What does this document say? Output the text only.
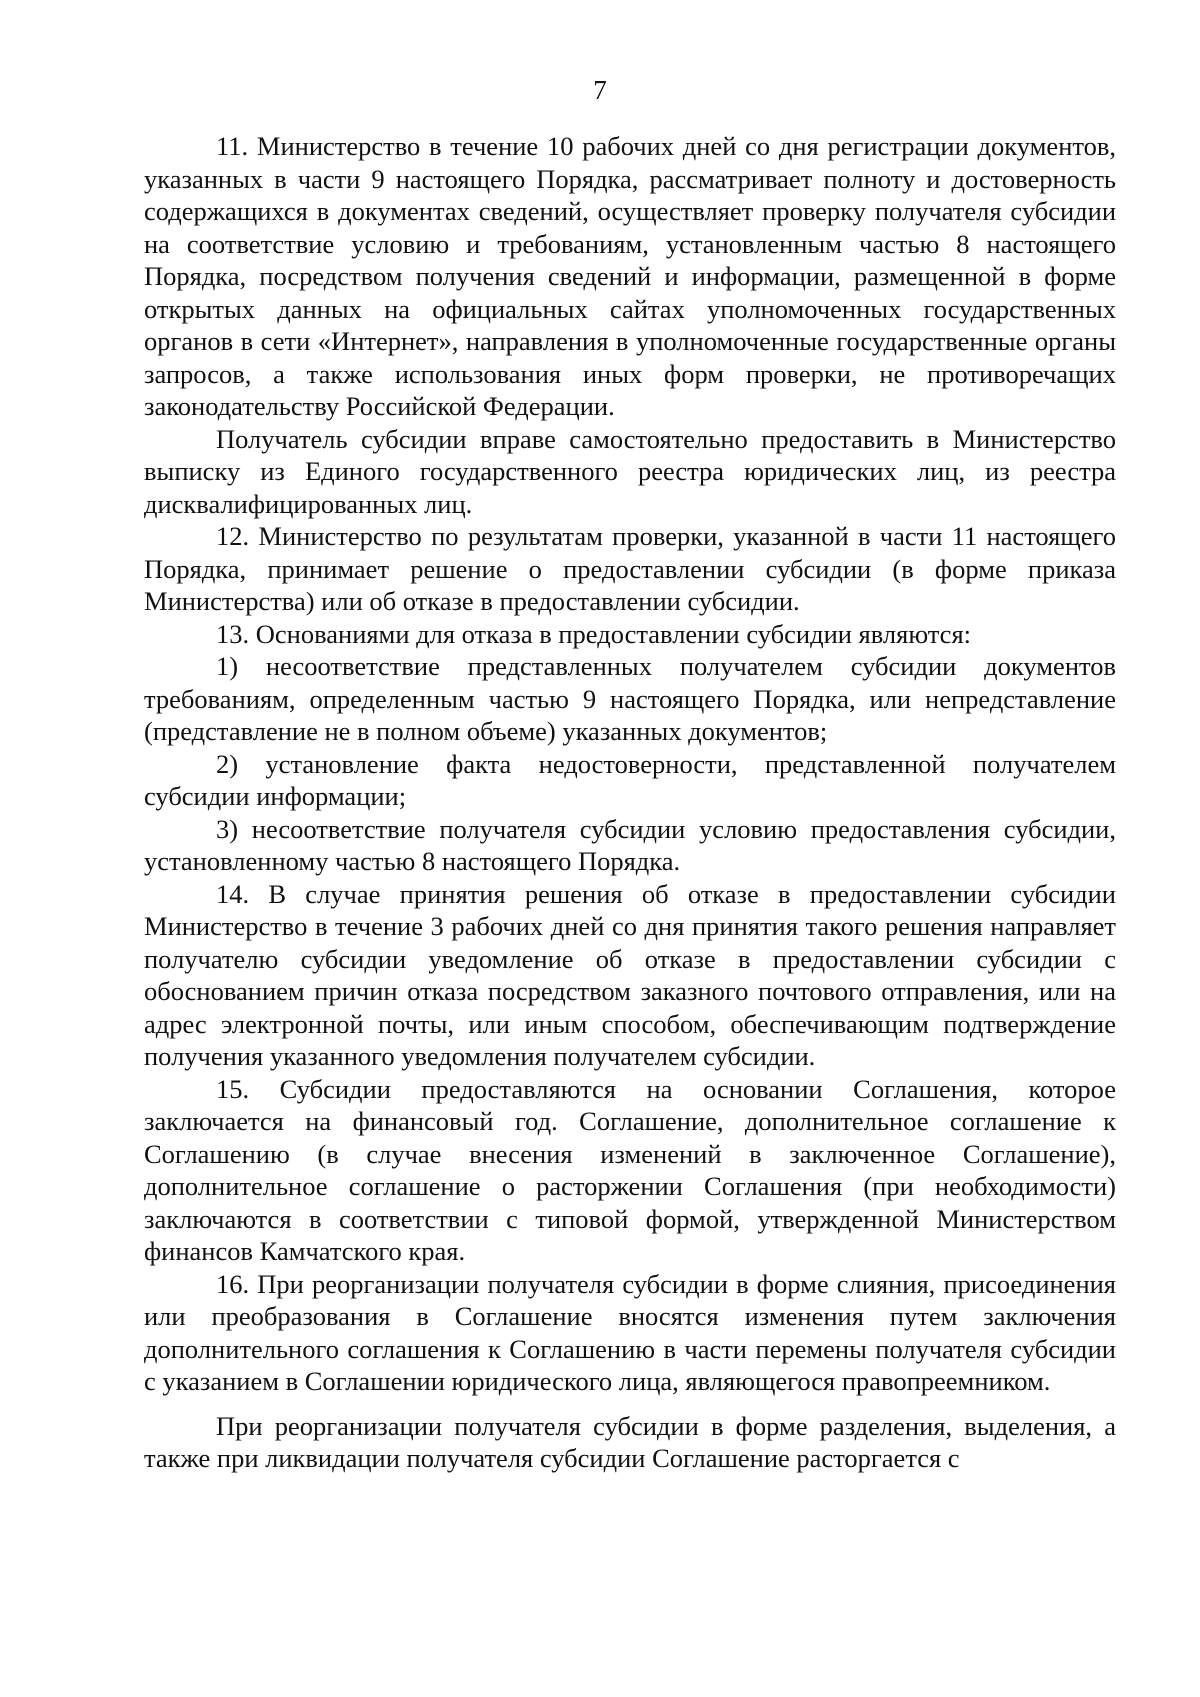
7

11. Министерство в течение 10 рабочих дней со дня регистрации документов, указанных в части 9 настоящего Порядка, рассматривает полноту и достоверность содержащихся в документах сведений, осуществляет проверку получателя субсидии на соответствие условию и требованиям, установленным частью 8 настоящего Порядка, посредством получения сведений и информации, размещенной в форме открытых данных на официальных сайтах уполномоченных государственных органов в сети «Интернет», направления в уполномоченные государственные органы запросов, а также использования иных форм проверки, не противоречащих законодательству Российской Федерации.

Получатель субсидии вправе самостоятельно предоставить в Министерство выписку из Единого государственного реестра юридических лиц, из реестра дисквалифицированных лиц.

12. Министерство по результатам проверки, указанной в части 11 настоящего Порядка, принимает решение о предоставлении субсидии (в форме приказа Министерства) или об отказе в предоставлении субсидии.

13. Основаниями для отказа в предоставлении субсидии являются:

1) несоответствие представленных получателем субсидии документов требованиям, определенным частью 9 настоящего Порядка, или непредставление (представление не в полном объеме) указанных документов;

2) установление факта недостоверности, представленной получателем субсидии информации;

3) несоответствие получателя субсидии условию предоставления субсидии, установленному частью 8 настоящего Порядка.

14. В случае принятия решения об отказе в предоставлении субсидии Министерство в течение 3 рабочих дней со дня принятия такого решения направляет получателю субсидии уведомление об отказе в предоставлении субсидии с обоснованием причин отказа посредством заказного почтового отправления, или на адрес электронной почты, или иным способом, обеспечивающим подтверждение получения указанного уведомления получателем субсидии.

15. Субсидии предоставляются на основании Соглашения, которое заключается на финансовый год. Соглашение, дополнительное соглашение к Соглашению (в случае внесения изменений в заключенное Соглашение), дополнительное соглашение о расторжении Соглашения (при необходимости) заключаются в соответствии с типовой формой, утвержденной Министерством финансов Камчатского края.

16. При реорганизации получателя субсидии в форме слияния, присоединения или преобразования в Соглашение вносятся изменения путем заключения дополнительного соглашения к Соглашению в части перемены получателя субсидии с указанием в Соглашении юридического лица, являющегося правопреемником.

При реорганизации получателя субсидии в форме разделения, выделения, а также при ликвидации получателя субсидии Соглашение расторгается с
